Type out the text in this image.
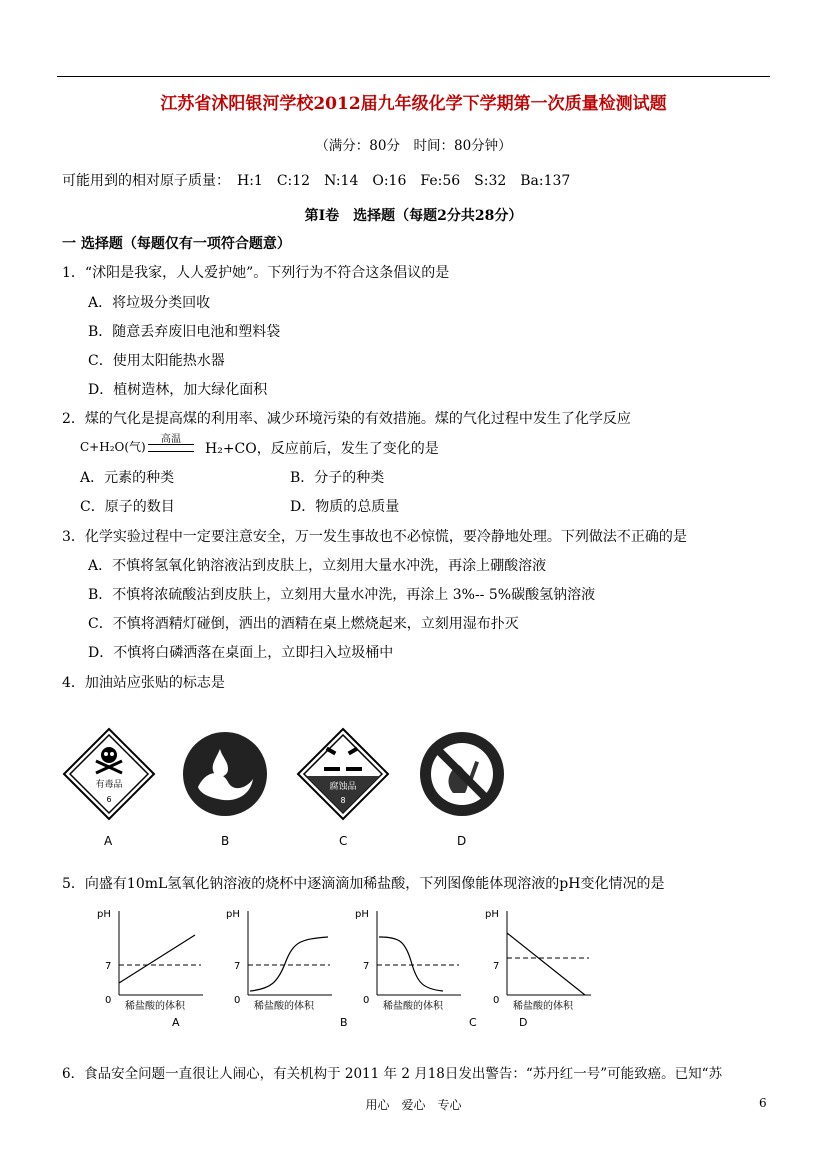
江苏省沭阳银河学校2012届九年级化学下学期第一次质量检测试题
（满分：80分　时间：80分钟）
可能用到的相对原子质量：　H:1　C:12　N:14　O:16　Fe:56　S:32　Ba:137
第Ⅰ卷　选择题（每题2分共28分）
一 选择题（每题仅有一项符合题意）
1．“沭阳是我家，人人爱护她”。下列行为不符合这条倡议的是
A．将垃圾分类回收
B．随意丢弃废旧电池和塑料袋
C．使用太阳能热水器
D．植树造林，加大绿化面积
2．煤的气化是提高煤的利用率、减少环境污染的有效措施。煤的气化过程中发生了化学反应
C+H₂O(气)
高温
H₂+CO，反应前后，发生了变化的是
A．元素的种类	B．分子的种类
C．原子的数目	D．物质的总质量
3．化学实验过程中一定要注意安全，万一发生事故也不必惊慌，要冷静地处理。下列做法不正确的是
A．不慎将氢氧化钠溶液沾到皮肤上，立刻用大量水冲洗，再涂上硼酸溶液
B．不慎将浓硫酸沾到皮肤上，立刻用大量水冲洗，再涂上 3%-- 5%碳酸氢钠溶液
C．不慎将酒精灯碰倒，洒出的酒精在桌上燃烧起来，立刻用湿布扑灭
D．不慎将白磷洒落在桌面上，立即扫入垃圾桶中
4．加油站应张贴的标志是
有毒品
6
腐蚀品
8
A	B	C	D
5．向盛有10mL氢氧化钠溶液的烧杯中逐滴滴加稀盐酸，下列图像能体现溶液的pH变化情况的是
pH
7
0
稀盐酸的体积
pH
7
0
稀盐酸的体积
pH
7
0
稀盐酸的体积
pH
7
0
稀盐酸的体积
A	B	C	D
6．食品安全问题一直很让人闹心，有关机构于 2011 年 2 月18日发出警告：“苏丹红一号”可能致癌。已知“苏
用心　爱心　专心	6
